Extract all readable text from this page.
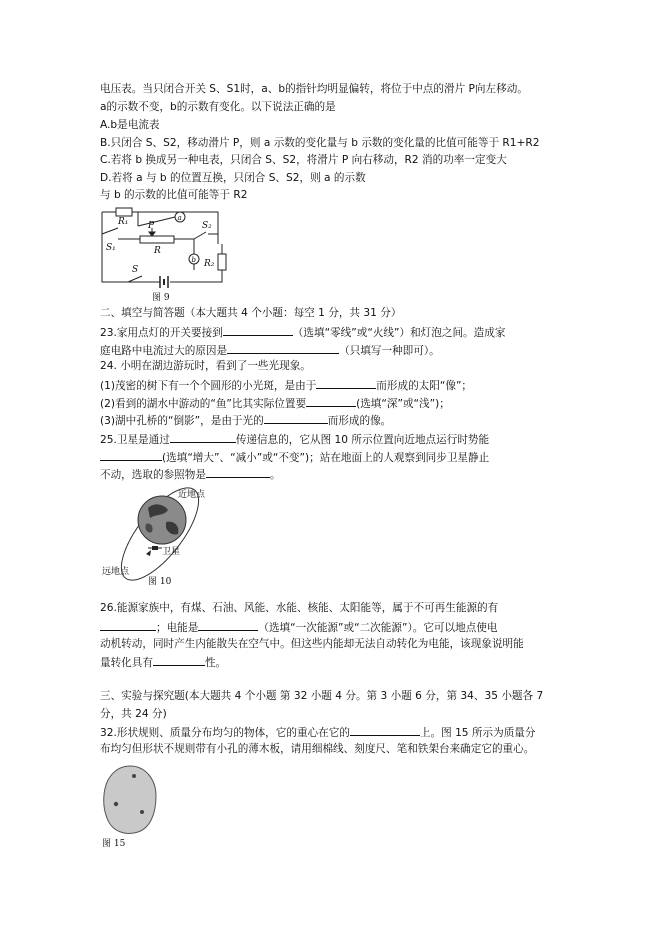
电压表。当只闭合开关 S、S1时，a、b的指针均明显偏转，将位于中点的滑片 P向左移动。
a的示数不变，b的示数有变化。以下说法正确的是
A.b是电流表
B.只闭合 S、S2，移动滑片 P，则 a 示数的变化量与 b 示数的变化量的比值可能等于 R1+R2
C.若将 b 换成另一种电表，只闭合 S、S2，将滑片 P 向右移动，R2 消的功率一定变大
D.若将 a 与 b 的位置互换，只闭合 S、S2，则 a 的示数
与 b 的示数的比值可能等于 R2
R₁	a
S₁
P
R
S₂
b R₂
S
图 9
二、填空与简答题（本大题共 4 个小题：每空 1 分，共 31 分）
23.家用点灯的开关要接到	（选填“零线”或“火线”）和灯泡之间。造成家
庭电路中电流过大的原因是	（只填写一种即可）。
24. 小明在湖边游玩时，看到了一些光现象。
(1)茂密的树下有一个个圆形的小光斑，是由于	而形成的太阳“像”；
(2)看到的湖水中游动的“鱼”比其实际位置要	(选填“深”或“浅”)；
(3)湖中孔桥的“倒影”，是由于光的	而形成的像。
25.卫星是通过	传递信息的，它从图 10 所示位置向近地点运行时势能
(选填“增大”、“减小”或“不变”)；站在地面上的人观察到同步卫星静止
不动，选取的参照物是	。
近地点
卫星
远地点
图 10
26.能源家族中，有煤、石油、风能、水能、核能、太阳能等，属于不可再生能源的有
；电能是	（选填“一次能源”或“二次能源”）。它可以地点使电
动机转动，同时产生内能散失在空气中。但这些内能却无法自动转化为电能，该现象说明能
量转化具有	性。
三、实验与探究题(本大题共 4 个小题 第 32 小题 4 分。第 3 小题 6 分，第 34、35 小题各 7
分，共 24 分)
32.形状规则、质量分布均匀的物体，它的重心在它的	上。图 15 所示为质量分
布均匀但形状不规则带有小孔的薄木板，请用细棉线、刻度尺、笔和铁架台来确定它的重心。
图 15
